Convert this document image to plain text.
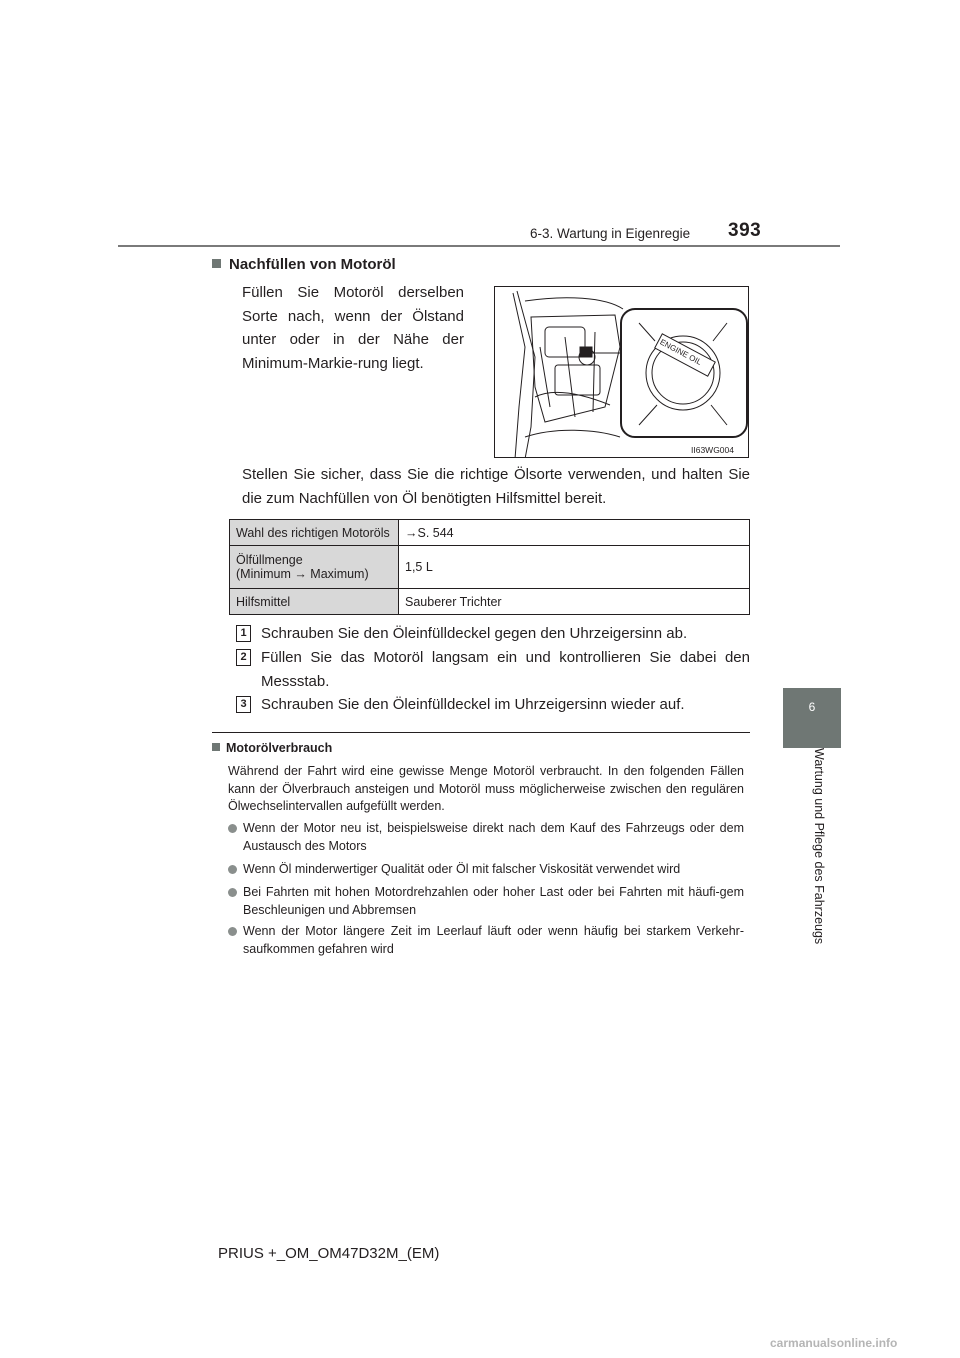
6-3. Wartung in Eigenregie 393
6
Wartung und Pflege des Fahrzeugs
Nachfüllen von Motoröl
Füllen Sie Motoröl derselben Sorte nach, wenn der Ölstand unter oder in der Nähe der Minimum-Markie-rung liegt.	ENGINE OIL
II63WG004
Stellen Sie sicher, dass Sie die richtige Ölsorte verwenden, und halten Sie die zum Nachfüllen von Öl benötigten Hilfsmittel bereit.
Wahl des richtigen Motoröls	→S. 544

Ölfüllmenge
(Minimum → Maximum)	1,5 L
Hilfsmittel	Sauberer Trichter
1 Schrauben Sie den Öleinfülldeckel gegen den Uhrzeigersinn ab.
2 Füllen Sie das Motoröl langsam ein und kontrollieren Sie dabei den Messstab.
3 Schrauben Sie den Öleinfülldeckel im Uhrzeigersinn wieder auf.
Motorölverbrauch
Während der Fahrt wird eine gewisse Menge Motoröl verbraucht. In den folgenden Fällen kann der Ölverbrauch ansteigen und Motoröl muss möglicherweise zwischen den regulären Ölwechselintervallen aufgefüllt werden.
Wenn der Motor neu ist, beispielsweise direkt nach dem Kauf des Fahrzeugs oder dem Austausch des Motors
Wenn Öl minderwertiger Qualität oder Öl mit falscher Viskosität verwendet wird
Bei Fahrten mit hohen Motordrehzahlen oder hoher Last oder bei Fahrten mit häufi-gem Beschleunigen und Abbremsen
Wenn der Motor längere Zeit im Leerlauf läuft oder wenn häufig bei starkem Verkehr-saufkommen gefahren wird
PRIUS +_OM_OM47D32M_(EM)
carmanualsonline.info
